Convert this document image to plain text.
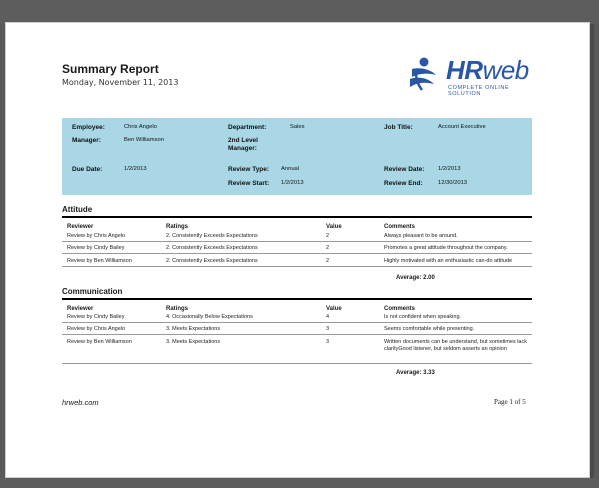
Summary Report
Monday, November 11, 2013	HRweb
COMPLETE ONLINE SOLUTION
Employee:	Chris Angelo	Department:	Sales	Job Title:	Account Executive
Manager:	Ben Williamson	2nd Level Manager:
Due Date:	1/2/2013	Review Type: Annual	Review Date: 1/2/2013
Review Start: 1/2/2013	Review End:	12/30/2013
Attitude
Reviewer	Ratings	Value	Comments
Review by Chris Angelo	2. Consistently Exceeds Expectations	2	Always pleasant to be around.
Review by Cindy Bailey	2. Consistently Exceeds Expectations	2	Promotes a great attitude throughout the company.
Review by Ben Williamson	2. Consistently Exceeds Expectations	2	Highly motivated with an enthusiastic can-do attitude
Average: 2.00
Communication
Reviewer	Ratings	Value	Comments
Review by Cindy Bailey	4. Occasionally Below Expectations	4	Is not confident when speaking.
Review by Chris Angelo	3. Meets Expectations	3	Seems comfortable while presenting.
Review by Ben Williamson	3. Meets Expectations	3	Written documents can be understand, but sometimes lack clarityGood listener, but seldom asserts an opinion
Average: 3.33
hrweb.com	Page 1 of 5
